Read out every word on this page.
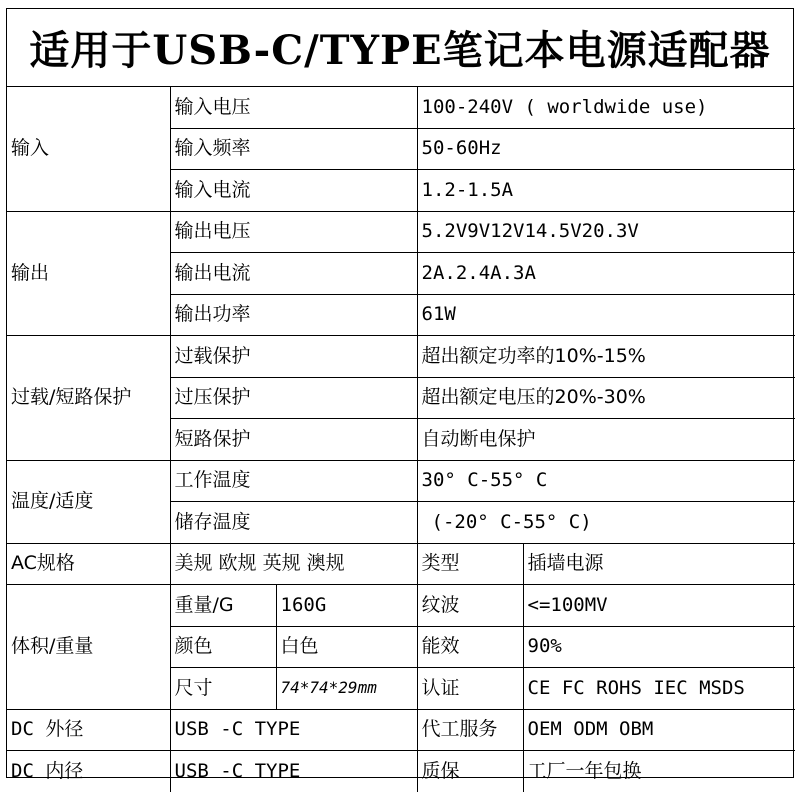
适用于USB-C/TYPE笔记本电源适配器
输入	输入电压		100-240V ( worldwide use)	
	输入频率		50-60Hz	
	输入电流		1.2-1.5A	
输出	输出电压		5.2V9V12V14.5V20.3V	
	输出电流		2A.2.4A.3A	
	输出功率		61W	
过载/短路保护	过载保护		超出额定功率的10%-15%	
	过压保护		超出额定电压的20%-30%	
	短路保护		自动断电保护	
温度/适度	工作温度		30° C-55° C	
	储存温度		(-20° C-55° C)	
AC规格	美规 欧规 英规 澳规		类型	插墙电源
体积/重量	重量/G	160G	纹波	<=100MV
	颜色	白色	能效	90%
	尺寸	74*74*29mm	认证	CE FC ROHS IEC MSDS
DC 外径	USB -C TYPE		代工服务	OEM ODM OBM
DC 内径	USB -C TYPE		质保	工厂一年包换
